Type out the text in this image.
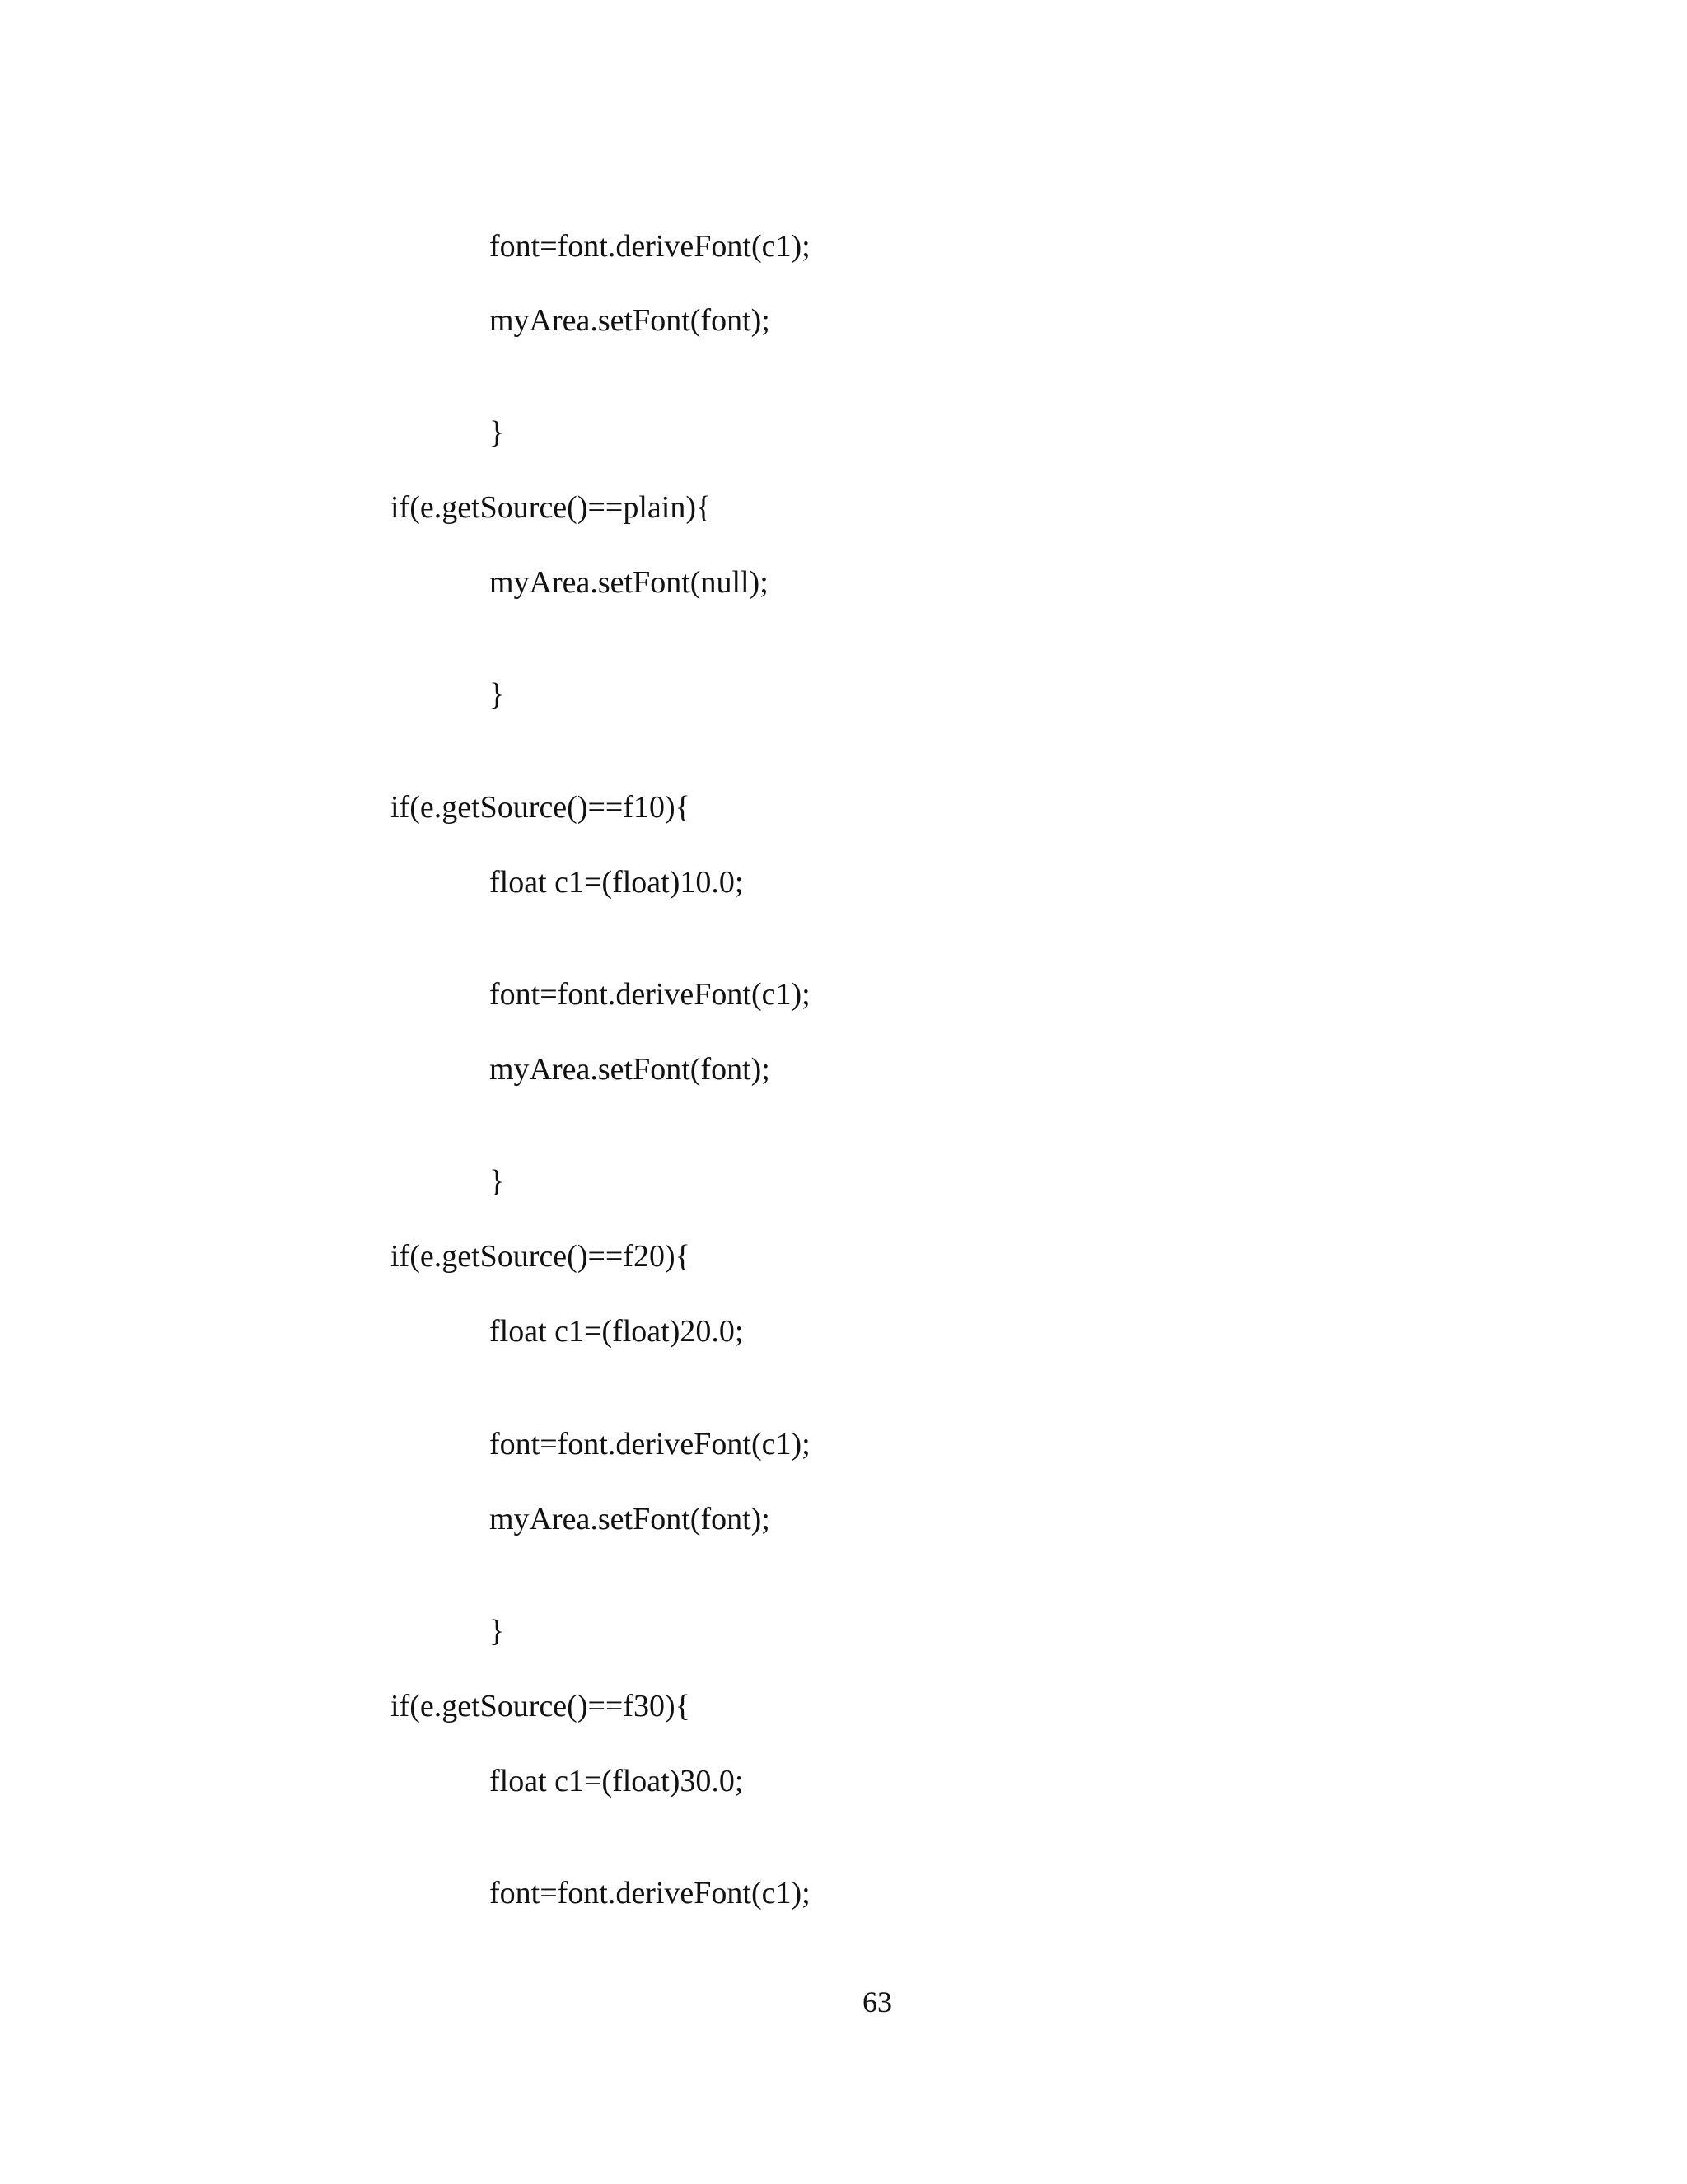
font=font.deriveFont(c1);
myArea.setFont(font);
}
if(e.getSource()==plain){
myArea.setFont(null);
}
if(e.getSource()==f10){
float c1=(float)10.0;
font=font.deriveFont(c1);
myArea.setFont(font);
}
if(e.getSource()==f20){
float c1=(float)20.0;
font=font.deriveFont(c1);
myArea.setFont(font);
}
if(e.getSource()==f30){
float c1=(float)30.0;
font=font.deriveFont(c1);
63
